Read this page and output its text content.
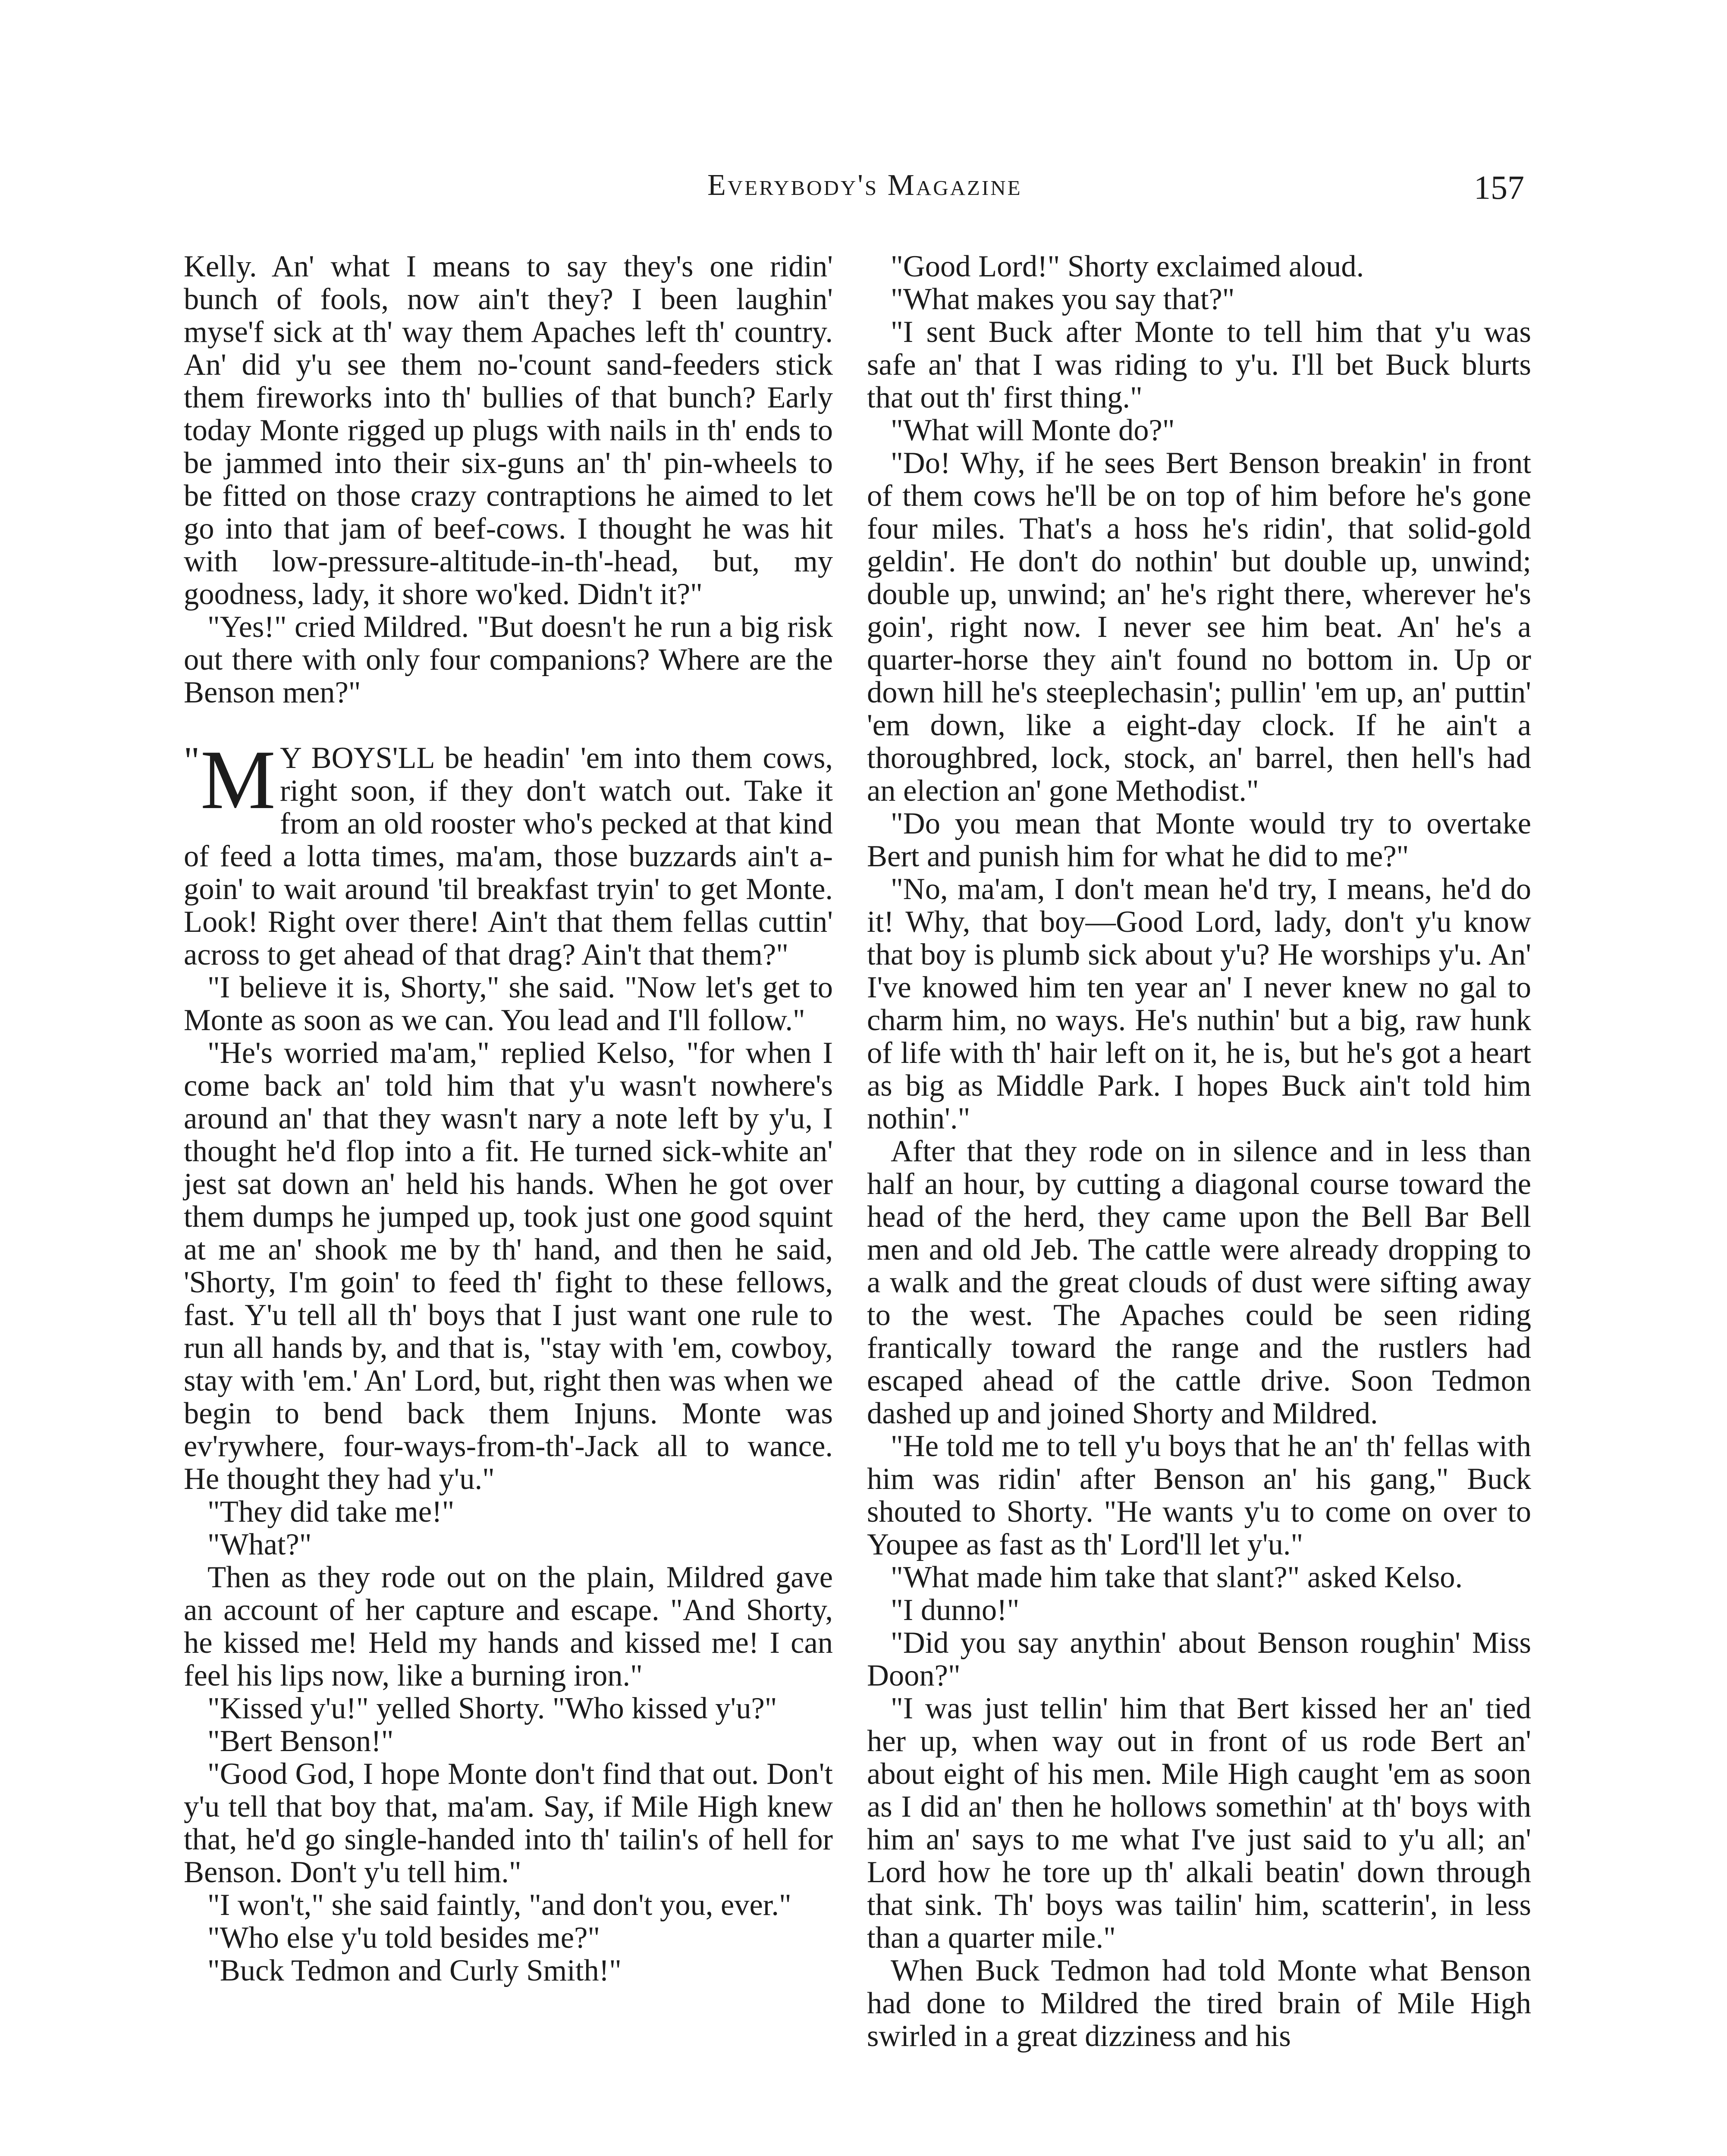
Everybody's Magazine	157

Kelly. An' what I means to say they's one ridin' bunch of fools, now ain't they? I been laughin' myse'f sick at th' way them Apaches left th' country. An' did y'u see them no-'count sand-feeders stick them fireworks into th' bullies of that bunch? Early today Monte rigged up plugs with nails in th' ends to be jammed into their six-guns an' th' pin-wheels to be fitted on those crazy contraptions he aimed to let go into that jam of beef-cows. I thought he was hit with low-pressure-altitude-in-th'-head, but, my goodness, lady, it shore wo'ked. Didn't it?"

"Yes!" cried Mildred. "But doesn't he run a big risk out there with only four companions? Where are the Benson men?"

" M Y BOYS'LL be headin' 'em into them cows, right soon, if they don't watch out. Take it from an old rooster who's pecked at that kind of feed a lotta times, ma'am, those buzzards ain't a-goin' to wait around 'til breakfast tryin' to get Monte. Look! Right over there! Ain't that them fellas cuttin' across to get ahead of that drag? Ain't that them?"

"I believe it is, Shorty," she said. "Now let's get to Monte as soon as we can. You lead and I'll follow."

"He's worried ma'am," replied Kelso, "for when I come back an' told him that y'u wasn't nowhere's around an' that they wasn't nary a note left by y'u, I thought he'd flop into a fit. He turned sick-white an' jest sat down an' held his hands. When he got over them dumps he jumped up, took just one good squint at me an' shook me by th' hand, and then he said, 'Shorty, I'm goin' to feed th' fight to these fellows, fast. Y'u tell all th' boys that I just want one rule to run all hands by, and that is, "stay with 'em, cowboy, stay with 'em.' An' Lord, but, right then was when we begin to bend back them Injuns. Monte was ev'rywhere, four-ways-from-th'-Jack all to wance. He thought they had y'u."

"They did take me!"

"What?"

Then as they rode out on the plain, Mildred gave an account of her capture and escape. "And Shorty, he kissed me! Held my hands and kissed me! I can feel his lips now, like a burning iron."

"Kissed y'u!" yelled Shorty. "Who kissed y'u?"

"Bert Benson!"

"Good God, I hope Monte don't find that out. Don't y'u tell that boy that, ma'am. Say, if Mile High knew that, he'd go single-handed into th' tailin's of hell for Benson. Don't y'u tell him."

"I won't," she said faintly, "and don't you, ever."

"Who else y'u told besides me?"

"Buck Tedmon and Curly Smith!"

"Good Lord!" Shorty exclaimed aloud.

"What makes you say that?"

"I sent Buck after Monte to tell him that y'u was safe an' that I was riding to y'u. I'll bet Buck blurts that out th' first thing."

"What will Monte do?"

"Do! Why, if he sees Bert Benson breakin' in front of them cows he'll be on top of him before he's gone four miles. That's a hoss he's ridin', that solid-gold geldin'. He don't do nothin' but double up, unwind; double up, unwind; an' he's right there, wherever he's goin', right now. I never see him beat. An' he's a quarter-horse they ain't found no bottom in. Up or down hill he's steeplechasin'; pullin' 'em up, an' puttin' 'em down, like a eight-day clock. If he ain't a thoroughbred, lock, stock, an' barrel, then hell's had an election an' gone Methodist."

"Do you mean that Monte would try to overtake Bert and punish him for what he did to me?"

"No, ma'am, I don't mean he'd try, I means, he'd do it! Why, that boy—Good Lord, lady, don't y'u know that boy is plumb sick about y'u? He worships y'u. An' I've knowed him ten year an' I never knew no gal to charm him, no ways. He's nuthin' but a big, raw hunk of life with th' hair left on it, he is, but he's got a heart as big as Middle Park. I hopes Buck ain't told him nothin'."

After that they rode on in silence and in less than half an hour, by cutting a diagonal course toward the head of the herd, they came upon the Bell Bar Bell men and old Jeb. The cattle were already dropping to a walk and the great clouds of dust were sifting away to the west. The Apaches could be seen riding frantically toward the range and the rustlers had escaped ahead of the cattle drive. Soon Tedmon dashed up and joined Shorty and Mildred.

"He told me to tell y'u boys that he an' th' fellas with him was ridin' after Benson an' his gang," Buck shouted to Shorty. "He wants y'u to come on over to Youpee as fast as th' Lord'll let y'u."

"What made him take that slant?" asked Kelso.

"I dunno!"

"Did you say anythin' about Benson roughin' Miss Doon?"

"I was just tellin' him that Bert kissed her an' tied her up, when way out in front of us rode Bert an' about eight of his men. Mile High caught 'em as soon as I did an' then he hollows somethin' at th' boys with him an' says to me what I've just said to y'u all; an' Lord how he tore up th' alkali beatin' down through that sink. Th' boys was tailin' him, scatterin', in less than a quarter mile."

When Buck Tedmon had told Monte what Benson had done to Mildred the tired brain of Mile High swirled in a great dizziness and his
